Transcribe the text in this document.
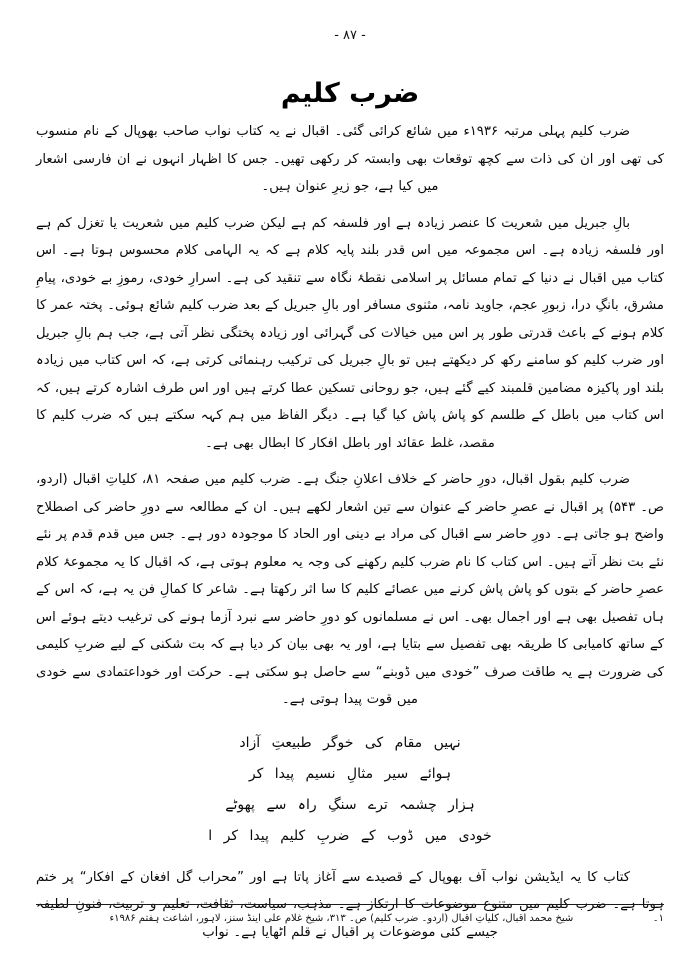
- ۸۷ -
ضرب کلیم

ضرب کلیم پہلی مرتبہ ۱۹۳۶ء میں شائع کرائی گئی۔ اقبال نے یہ کتاب نواب صاحب بھوپال کے نام منسوب کی تھی اور ان کی ذات سے کچھ توقعات بھی وابستہ کر رکھی تھیں۔ جس کا اظہار انہوں نے ان فارسی اشعار میں کیا ہے، جو زیرِ عنوان ہیں۔

بالِ جبریل میں شعریت کا عنصر زیادہ ہے اور فلسفہ کم ہے لیکن ضرب کلیم میں شعریت یا تغزل کم ہے اور فلسفہ زیادہ ہے۔ اس مجموعہ میں اس قدر بلند پایہ کلام ہے کہ یہ الہامی کلام محسوس ہوتا ہے۔ اس کتاب میں اقبال نے دنیا کے تمام مسائل پر اسلامی نقطۂ نگاہ سے تنقید کی ہے۔ اسرارِ خودی، رموزِ بے خودی، پیامِ مشرق، بانگِ درا، زبورِ عجم، جاوید نامہ، مثنوی مسافر اور بالِ جبریل کے بعد ضرب کلیم شائع ہوئی۔ پختہ عمر کا کلام ہونے کے باعث قدرتی طور پر اس میں خیالات کی گہرائی اور زیادہ پختگی نظر آتی ہے، جب ہم بالِ جبریل اور ضرب کلیم کو سامنے رکھ کر دیکھتے ہیں تو بالِ جبریل کی ترکیب رہنمائی کرتی ہے، کہ اس کتاب میں زیادہ بلند اور پاکیزہ مضامین قلمبند کیے گئے ہیں، جو روحانی تسکین عطا کرتے ہیں اور اس طرف اشارہ کرتے ہیں، کہ اس کتاب میں باطل کے طلسم کو پاش پاش کیا گیا ہے۔ دیگر الفاظ میں ہم کہہ سکتے ہیں کہ ضرب کلیم کا مقصد، غلط عقائد اور باطل افکار کا ابطال بھی ہے۔

ضرب کلیم بقول اقبال، دورِ حاضر کے خلاف اعلانِ جنگ ہے۔ ضرب کلیم میں صفحہ ۸۱، کلیاتِ اقبال (اردو، ص۔ ۵۴۳) پر اقبال نے عصرِ حاضر کے عنوان سے تین اشعار لکھے ہیں۔ ان کے مطالعہ سے دورِ حاضر کی اصطلاح واضح ہو جاتی ہے۔ دورِ حاضر سے اقبال کی مراد بے دینی اور الحاد کا موجودہ دور ہے۔ جس میں قدم قدم پر نئے نئے بت نظر آتے ہیں۔ اس کتاب کا نام ضرب کلیم رکھنے کی وجہ یہ معلوم ہوتی ہے، کہ اقبال کا یہ مجموعۂ کلام عصرِ حاضر کے بتوں کو پاش پاش کرنے میں عصائے کلیم کا سا اثر رکھتا ہے۔ شاعر کا کمالِ فن یہ ہے، کہ اس کے ہاں تفصیل بھی ہے اور اجمال بھی۔ اس نے مسلمانوں کو دورِ حاضر سے نبرد آزما ہونے کی ترغیب دیتے ہوئے اس کے ساتھ کامیابی کا طریقہ بھی تفصیل سے بتایا ہے، اور یہ بھی بیان کر دیا ہے کہ بت شکنی کے لیے ضربِ کلیمی کی ضرورت ہے یہ طاقت صرف ”خودی میں ڈوبنے“ سے حاصل ہو سکتی ہے۔ حرکت اور خوداعتمادی سے خودی میں قوت پیدا ہوتی ہے۔

نہیں مقام کی خوگر طبیعتِ آزاد
ہوائے سیر مثالِ نسیم پیدا کر
ہزار چشمہ ترے سنگِ راہ سے پھوٹے
خودی میں ڈوب کے ضربِ کلیم پیدا کر ا

کتاب کا یہ ایڈیشن نواب آف بھوپال کے قصیدے سے آغاز پاتا ہے اور ”محراب گل افغان کے افکار“ پر ختم ہوتا ہے۔ ضرب کلیم میں متنوع موضوعات کا ارتکاز ہے۔ مذہب، سیاست، ثقافت، تعلیم و تربیت، فنونِ لطیفہ جیسے کئی موضوعات پر اقبال نے قلم اٹھایا ہے۔ نواب

۱۔
شیخ محمد اقبال، کلیاتِ اقبال (اردو۔ ضرب کلیم) ص۔ ۳۱۳، شیخ غلام علی اینڈ سنز، لاہور، اشاعت ہفتم ۱۹۸۶ء
